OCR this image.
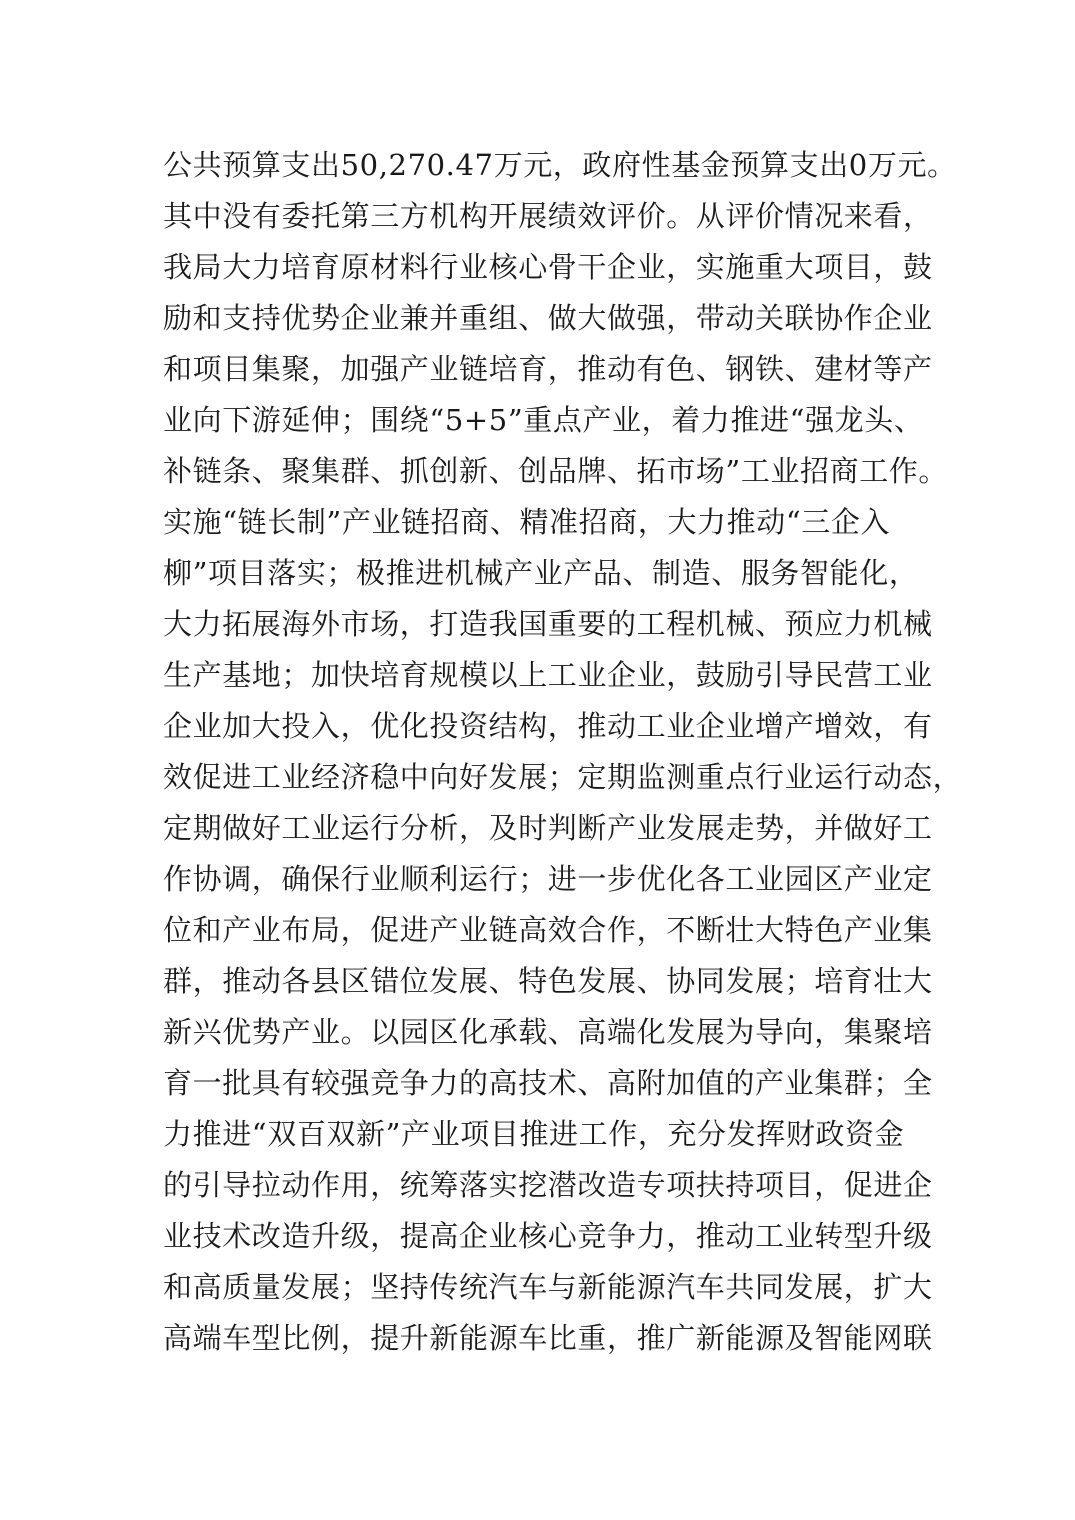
公共预算支出50,270.47万元，政府性基金预算支出0万元。
其中没有委托第三方机构开展绩效评价。从评价情况来看，
我局大力培育原材料行业核心骨干企业，实施重大项目，鼓
励和支持优势企业兼并重组、做大做强，带动关联协作企业
和项目集聚，加强产业链培育，推动有色、钢铁、建材等产
业向下游延伸；围绕“5+5”重点产业，着力推进“强龙头、
补链条、聚集群、抓创新、创品牌、拓市场”工业招商工作。
实施“链长制”产业链招商、精准招商，大力推动“三企入
柳”项目落实；极推进机械产业产品、制造、服务智能化，
大力拓展海外市场，打造我国重要的工程机械、预应力机械
生产基地；加快培育规模以上工业企业，鼓励引导民营工业
企业加大投入，优化投资结构，推动工业企业增产增效，有
效促进工业经济稳中向好发展；定期监测重点行业运行动态，
定期做好工业运行分析，及时判断产业发展走势，并做好工
作协调，确保行业顺利运行；进一步优化各工业园区产业定
位和产业布局，促进产业链高效合作，不断壮大特色产业集
群，推动各县区错位发展、特色发展、协同发展；培育壮大
新兴优势产业。以园区化承载、高端化发展为导向，集聚培
育一批具有较强竞争力的高技术、高附加值的产业集群；全
力推进“双百双新”产业项目推进工作，充分发挥财政资金
的引导拉动作用，统筹落实挖潜改造专项扶持项目，促进企
业技术改造升级，提高企业核心竞争力，推动工业转型升级
和高质量发展；坚持传统汽车与新能源汽车共同发展，扩大
高端车型比例，提升新能源车比重，推广新能源及智能网联
